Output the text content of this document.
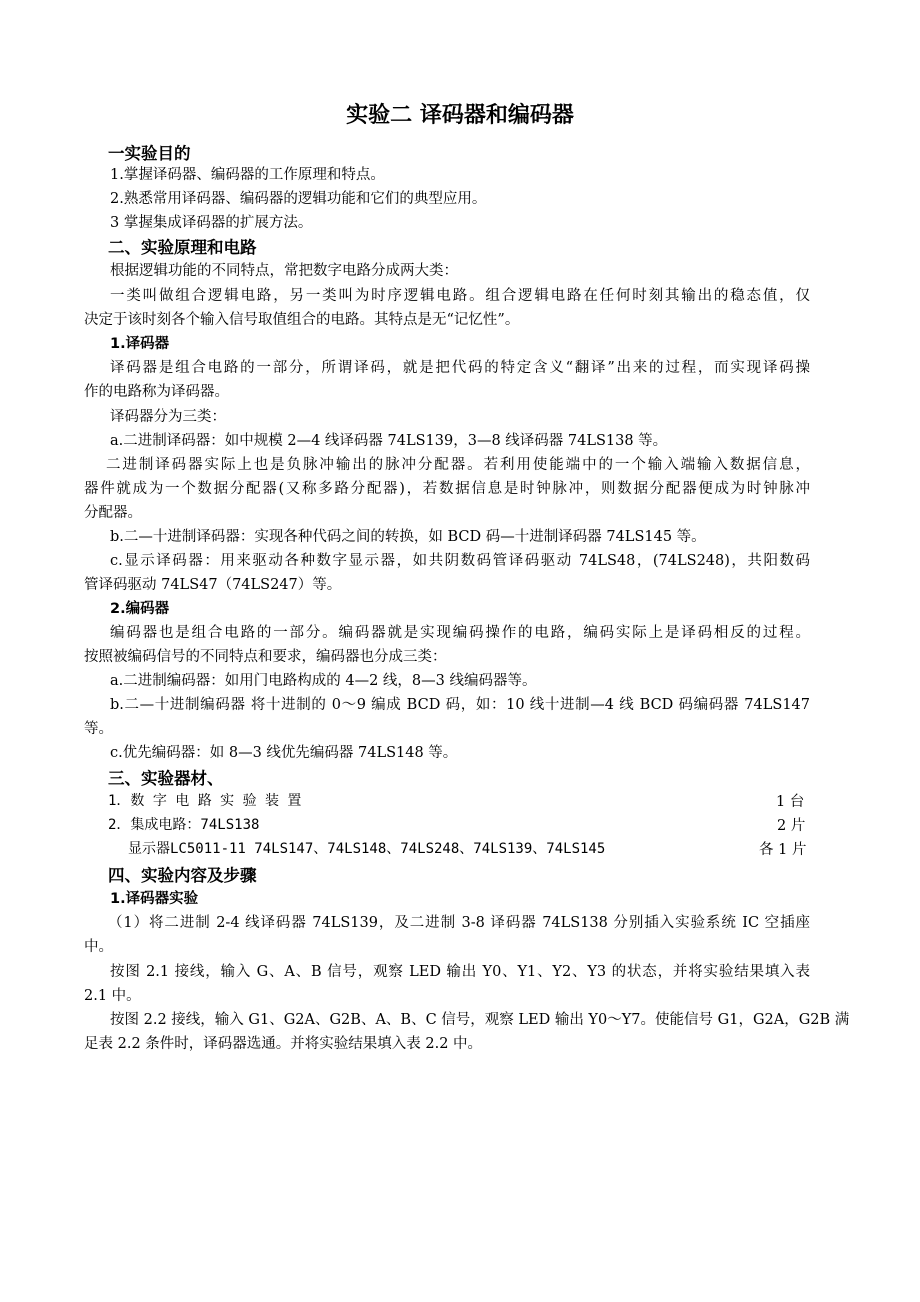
实验二 译码器和编码器
一实验目的
1.掌握译码器、编码器的工作原理和特点。
2.熟悉常用译码器、编码器的逻辑功能和它们的典型应用。
3 掌握集成译码器的扩展方法。
二、实验原理和电路
根据逻辑功能的不同特点，常把数字电路分成两大类：
一类叫做组合逻辑电路，另一类叫为时序逻辑电路。组合逻辑电路在任何时刻其输出的稳态值，仅
决定于该时刻各个输入信号取值组合的电路。其特点是无“记忆性”。
1.译码器
译码器是组合电路的一部分，所谓译码，就是把代码的特定含义“翻译”出来的过程，而实现译码操
作的电路称为译码器。
译码器分为三类：
a.二进制译码器：如中规模 2—4 线译码器 74LS139，3—8 线译码器 74LS138 等。
二进制译码器实际上也是负脉冲输出的脉冲分配器。若利用使能端中的一个输入端输入数据信息，
器件就成为一个数据分配器(又称多路分配器)，若数据信息是时钟脉冲，则数据分配器便成为时钟脉冲
分配器。
b.二—十进制译码器：实现各种代码之间的转换，如 BCD 码—十进制译码器 74LS145 等。
c.显示译码器：用来驱动各种数字显示器，如共阴数码管译码驱动 74LS48，(74LS248)，共阳数码
管译码驱动 74LS47（74LS247）等。
2.编码器
编码器也是组合电路的一部分。编码器就是实现编码操作的电路，编码实际上是译码相反的过程。
按照被编码信号的不同特点和要求，编码器也分成三类：
a.二进制编码器：如用门电路构成的 4—2 线，8—3 线编码器等。
b.二—十进制编码器 将十进制的 0～9 编成 BCD 码，如：10 线十进制—4 线 BCD 码编码器 74LS147
等。
c.优先编码器：如 8—3 线优先编码器 74LS148 等。
三、实验器材、
1．数 字 电 路 实 验 装 置	1 台
2．集成电路：74LS138	2 片
显示器LC5011-11 74LS147、74LS148、74LS248、74LS139、74LS145	各 1 片
四、实验内容及步骤
1.译码器实验
（1）将二进制 2-4 线译码器 74LS139，及二进制 3-8 译码器 74LS138 分别插入实验系统 IC 空插座
中。
按图 2.1 接线，输入 G、A、B 信号，观察 LED 输出 Y0、Y1、Y2、Y3 的状态，并将实验结果填入表
2.1 中。
按图 2.2 接线，输入 G1、G2A、G2B、A、B、C 信号，观察 LED 输出 Y0～Y7。使能信号 G1，G2A，G2B 满
足表 2.2 条件时，译码器选通。并将实验结果填入表 2.2 中。
